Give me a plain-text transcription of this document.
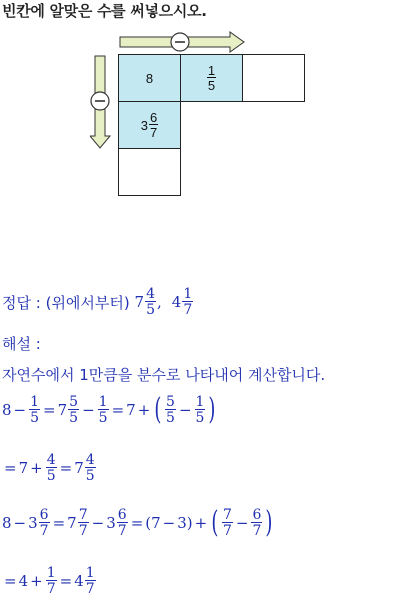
빈칸에 알맞은 수를 써넣으시오.
8	$\frac{1}{5}$
$3 \frac{6}{7}$
정답 :
(위에서부터)
$7 \frac{4}{5}$ , $4 \frac{1}{7}$
해설 :
자연수에서 1만큼을 분수로 나타내어 계산합니다.
$8 - \frac{1}{5} = 7 \frac{5}{5} - \frac{1}{5} = 7$ + ( $\frac{5}{5} - \frac{1}{5}$ )
= $7 + \frac{4}{5} = 7 \frac{4}{5}$
$8 - 3 \frac{6}{7} = 7 \frac{7}{7} - 3 \frac{6}{7} = (7 - 3)$ + ( $\frac{7}{7} - \frac{6}{7}$ )
= $4 + \frac{1}{7} = 4 \frac{1}{7}$
